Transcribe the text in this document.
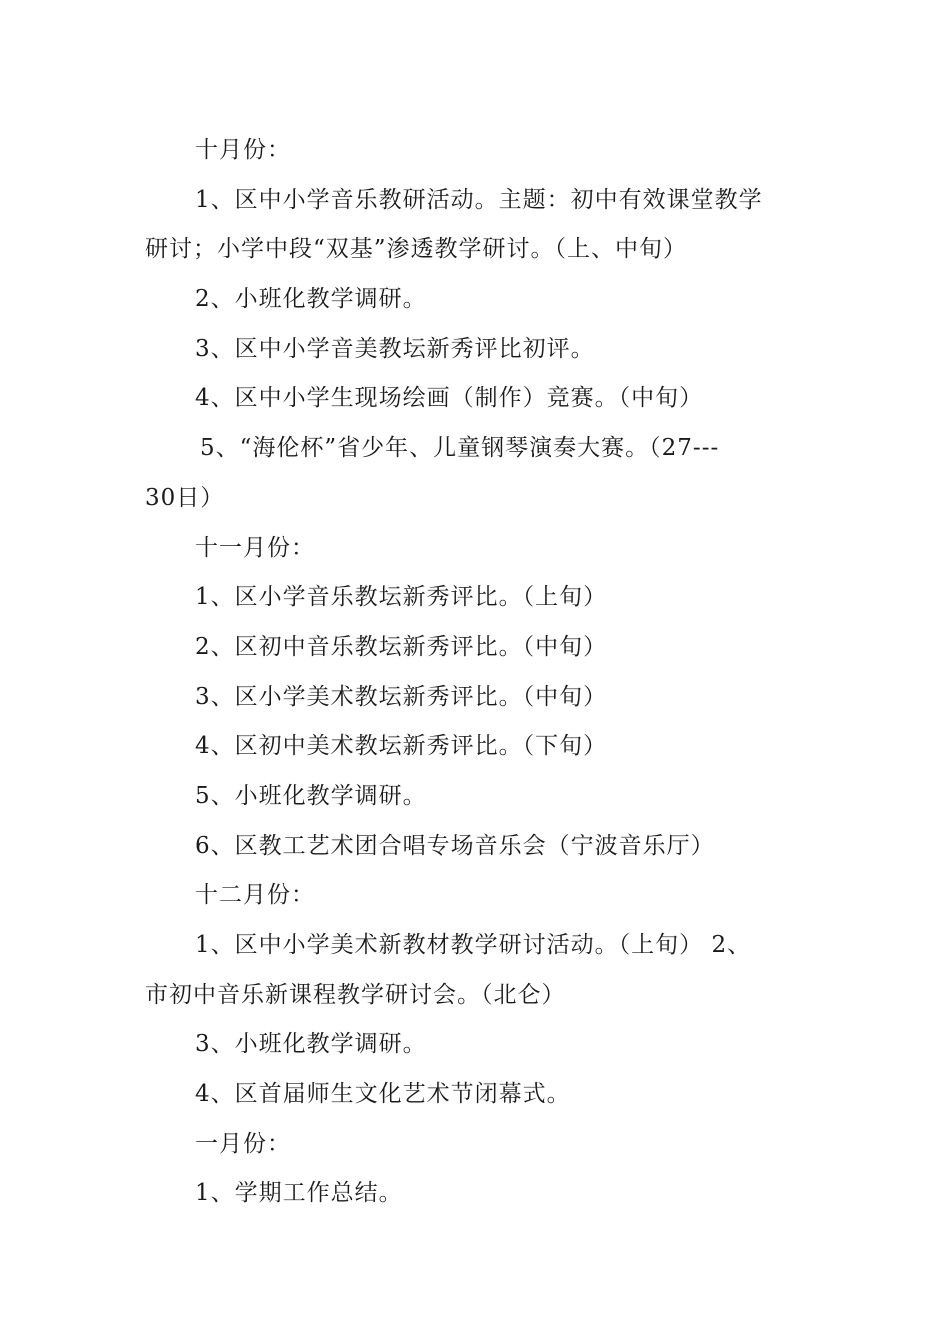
十月份：
1、区中小学音乐教研活动。主题：初中有效课堂教学
研讨；小学中段“双基”渗透教学研讨。（上、中旬）
2、小班化教学调研。
3、区中小学音美教坛新秀评比初评。
4、区中小学生现场绘画（制作）竞赛。（中旬）
5、“海伦杯”省少年、儿童钢琴演奏大赛。（27---
30日）
十一月份：
1、区小学音乐教坛新秀评比。（上旬）
2、区初中音乐教坛新秀评比。（中旬）
3、区小学美术教坛新秀评比。（中旬）
4、区初中美术教坛新秀评比。（下旬）
5、小班化教学调研。
6、区教工艺术团合唱专场音乐会（宁波音乐厅）
十二月份：
1、区中小学美术新教材教学研讨活动。（上旬） 2、
市初中音乐新课程教学研讨会。（北仑）
3、小班化教学调研。
4、区首届师生文化艺术节闭幕式。
一月份：
1、学期工作总结。
